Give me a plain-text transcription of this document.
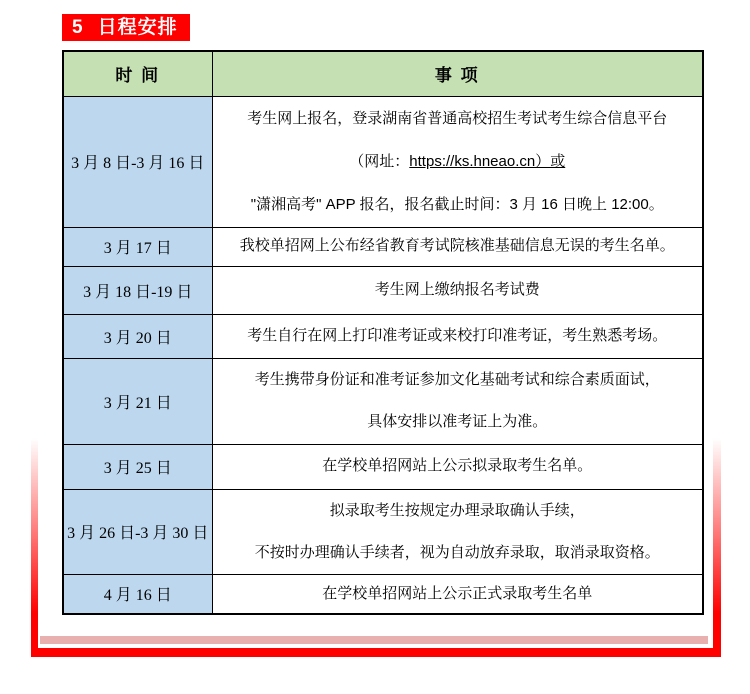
5 日程安排
时 间	事 项
3 月 8 日-3 月 16 日	考生网上报名，登录湖南省普通高校招生考试考生综合信息平台
（网址：https://ks.hneao.cn）或
"潇湘高考" APP 报名，报名截止时间：3 月 16 日晚上 12:00。

3 月 17 日	我校单招网上公布经省教育考试院核准基础信息无误的考生名单。
3 月 18 日-19 日	考生网上缴纳报名考试费
3 月 20 日	考生自行在网上打印准考证或来校打印准考证，考生熟悉考场。
3 月 21 日	考生携带身份证和准考证参加文化基础考试和综合素质面试，
具体安排以准考证上为准。

3 月 25 日	在学校单招网站上公示拟录取考生名单。
3 月 26 日-3 月 30 日	拟录取考生按规定办理录取确认手续，
不按时办理确认手续者，视为自动放弃录取，取消录取资格。

4 月 16 日	在学校单招网站上公示正式录取考生名单
